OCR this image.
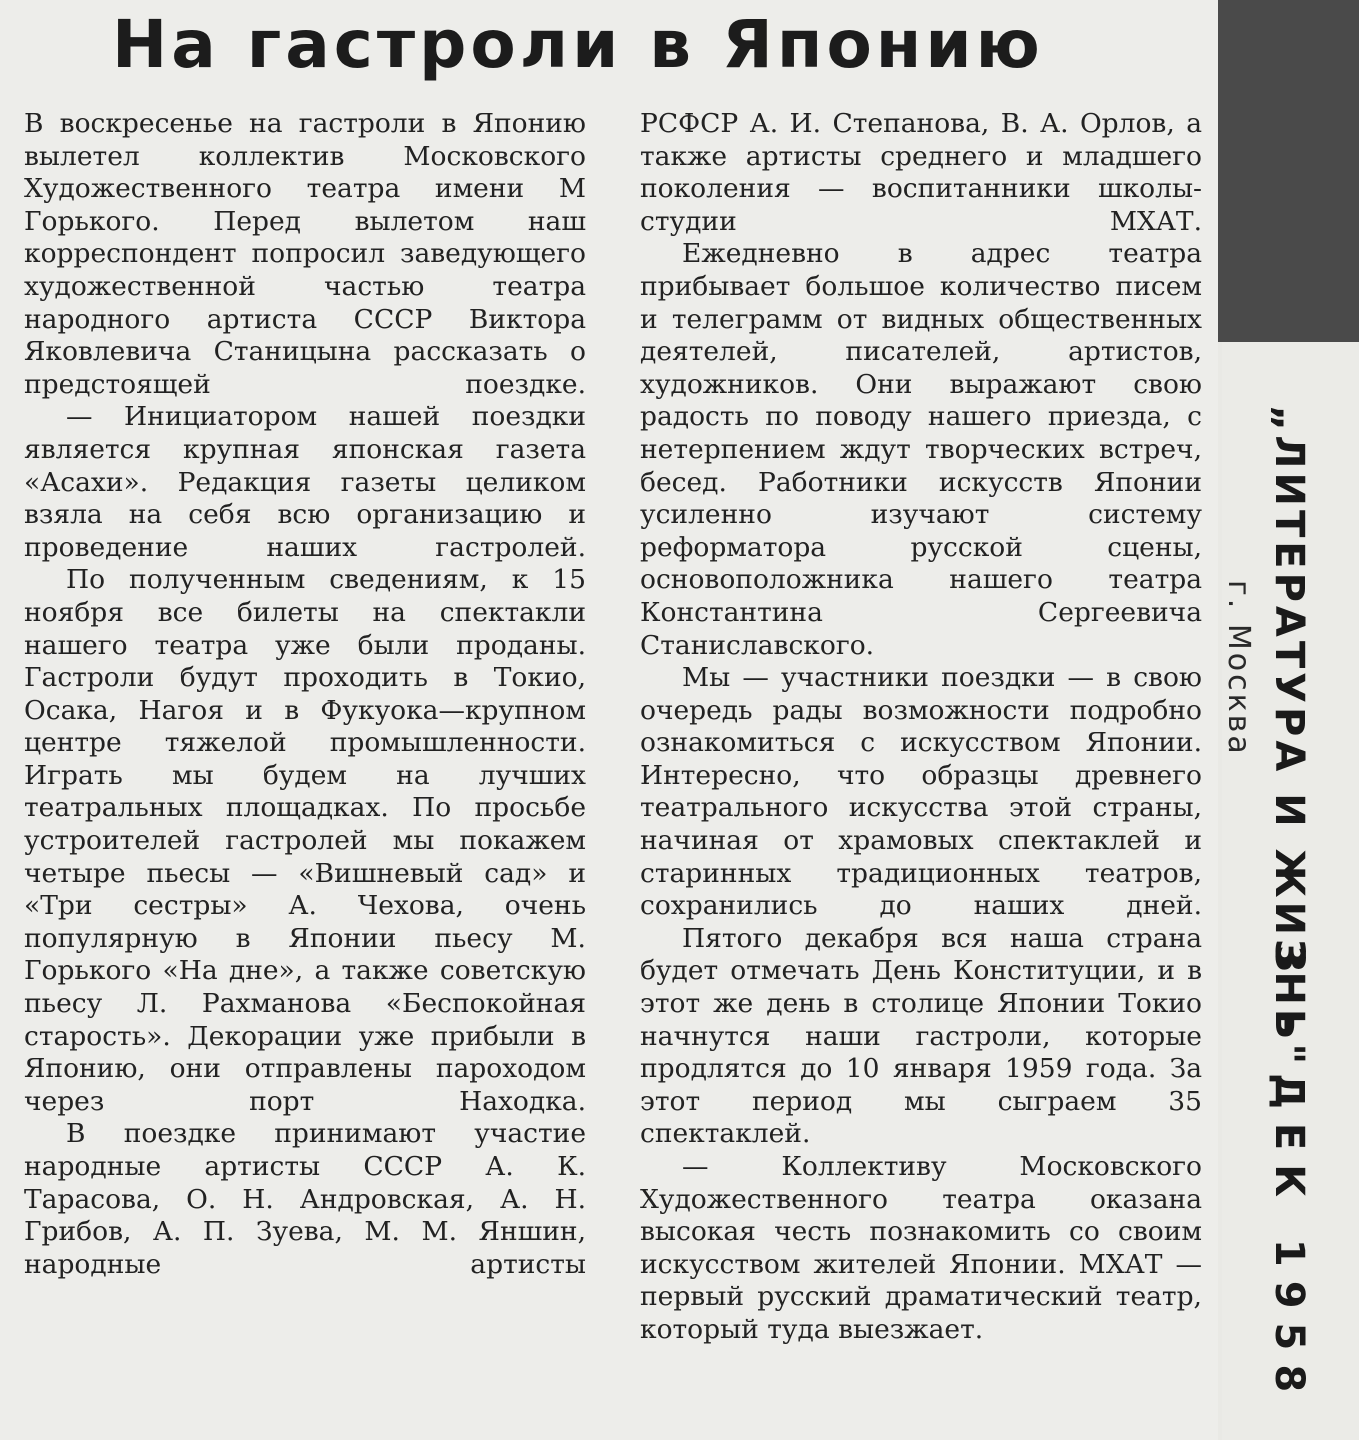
На гастроли в Японию

В воскресенье на гастроли в Японию вылетел коллектив Московского Художественного театра имени М Горького. Перед вылетом наш корреспондент попросил заведующего художественной частью театра народного артиста СССР Виктора Яковлевича Станицына рассказать о предстоящей поездке.

— Инициатором нашей поездки является крупная японская газета «Асахи». Редакция газеты целиком взяла на себя всю организацию и проведение наших гастролей.

По полученным сведениям, к 15 ноября все билеты на спектакли нашего театра уже были проданы. Гастроли будут проходить в Токио, Осака, Нагоя и в Фукуока—крупном центре тяжелой промышленности. Играть мы будем на лучших театральных площадках. По просьбе устроителей гастролей мы покажем четыре пьесы — «Вишневый сад» и «Три сестры» А. Чехова, очень популярную в Японии пьесу М. Горького «На дне», а также советскую пьесу Л. Рахманова «Беспокойная старость». Декорации уже прибыли в Японию, они отправлены пароходом через порт Находка.

В поездке принимают участие народные артисты СССР А. К. Тарасова, О. Н. Андровская, А. Н. Грибов, А. П. Зуева, М. М. Яншин, народные артисты

РСФСР А. И. Степанова, В. А. Орлов, а также артисты среднего и младшего поколения — воспитанники школы-студии МХАТ.

Ежедневно в адрес театра прибывает большое количество писем и телеграмм от видных общественных деятелей, писателей, артистов, художников. Они выражают свою радость по поводу нашего приезда, с нетерпением ждут творческих встреч, бесед. Работники искусств Японии усиленно изучают систему реформатора русской сцены, основоположника нашего театра Константина Сергеевича Станиславского.

Мы — участники поездки — в свою очередь рады возможности подробно ознакомиться с искусством Японии. Интересно, что образцы древнего театрального искусства этой страны, начиная от храмовых спектаклей и старинных традиционных театров, сохранились до наших дней.

Пятого декабря вся наша страна будет отмечать День Конституции, и в этот же день в столице Японии Токио начнутся наши гастроли, которые продлятся до 10 января 1959 года. За этот период мы сыграем 35 спектаклей.

— Коллективу Московского Художественного театра оказана высокая честь познакомить со своим искусством жителей Японии. МХАТ — первый русский драматический театр, который туда выезжает.

„ЛИТЕРАТУРА И ЖИЗНЬ"
г. Москва
3 - ДЕК 1958
